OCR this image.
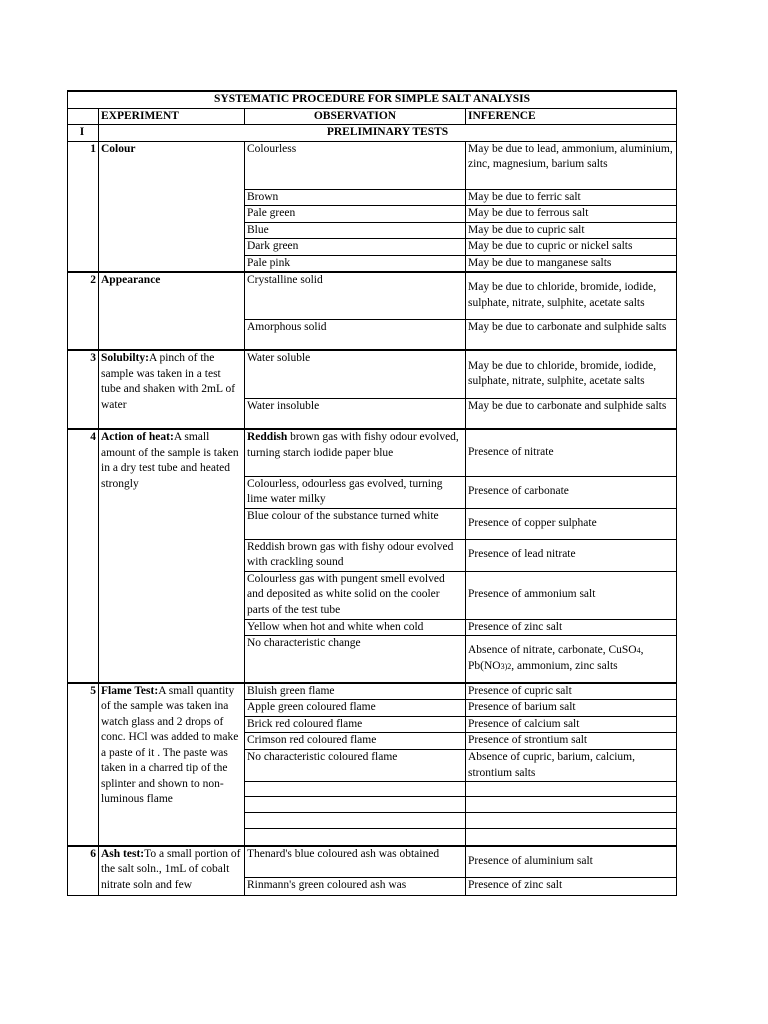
SYSTEMATIC PROCEDURE FOR SIMPLE SALT ANALYSIS			
	EXPERIMENT	OBSERVATION	INFERENCE
I	PRELIMINARY TESTS		
1	Colour	Colourless	May be due to lead, ammonium, aluminium, zinc, magnesium, barium salts
		Brown	May be due to ferric salt
		Pale green	May be due to ferrous salt
		Blue	May be due to cupric salt
		Dark green	May be due to cupric or nickel salts
		Pale pink	May be due to manganese salts
2	Appearance	Crystalline solid	May be due to chloride, bromide, iodide, sulphate, nitrate, sulphite, acetate salts
		Amorphous solid	May be due to carbonate and sulphide salts
3	Solubilty:A pinch of the sample was taken in a test tube and shaken with 2mL of water	Water soluble	May be due to chloride, bromide, iodide, sulphate, nitrate, sulphite, acetate salts
		Water insoluble	May be due to carbonate and sulphide salts
4	Action of heat:A small amount of the sample is taken in a dry test tube and heated strongly	Reddish brown gas with fishy odour evolved, turning starch iodide paper blue	Presence of nitrate
		Colourless, odourless gas evolved, turning lime water milky	Presence of carbonate
		Blue colour of the substance turned white	Presence of copper sulphate
		Reddish brown gas with fishy odour evolved with crackling sound	Presence of lead nitrate
		Colourless gas with pungent smell evolved and deposited as white solid on the cooler parts of the test tube	Presence of ammonium salt
		Yellow when hot and white when cold	Presence of zinc salt
		No characteristic change	Absence of nitrate, carbonate, CuSO4, Pb(NO3)2, ammonium, zinc salts
5	Flame Test:A small quantity of the sample was taken ina watch glass and 2 drops of conc. HCl was added to make a paste of it . The paste was taken in a charred tip of the splinter and shown to non-luminous flame	Bluish green flame	Presence of cupric salt
		Apple green coloured flame	Presence of barium salt
		Brick red coloured flame	Presence of calcium salt
		Crimson red coloured flame	Presence of strontium salt
		No characteristic coloured flame	Absence of cupric, barium, calcium, strontium salts

6	Ash test:To a small portion of the salt soln., 1mL of cobalt nitrate soln and few	Thenard's blue coloured ash was obtained	Presence of aluminium salt
		Rinmann's green coloured ash was	Presence of zinc salt
